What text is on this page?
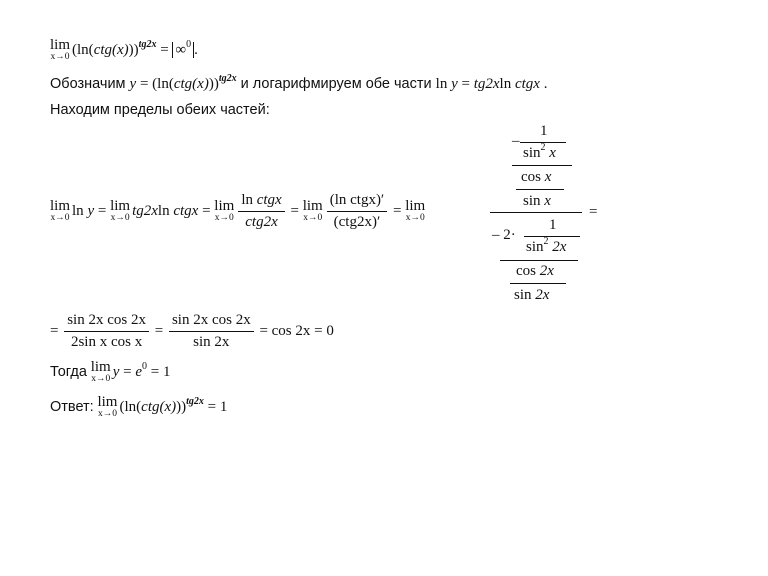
lim
x→0 $(\ln(ctg(x)))^{tg2x} = \infty^0$ .
Обозначим $y = (\ln(ctg(x)))^{tg2x}$ и логарифмируем обе части ln y = tg2xln ctgx .
Находим пределы обеих частей:
lim
x→0 ln y = lim
x→0 tg2xln ctgx = lim
$x\to 0 \frac{\text{ln ctgx}}{\text{ctg2x}} = \lim$
$x\to 0 \frac{\text{(ln ctgx)′}}{\text{(ctg2x)′}} = \lim$
x→0
–
1
$\sin^2 x$
cos x
sin x
– 2·
1
$\sin^2 2x$
cos 2x
sin 2x
=
= $\frac{\text{sin 2x cos 2x}}{\text{2sin x cos x}} = \frac{\text{sin 2x cos 2x}}{\sin 2x} = \cos 2x = 0$
Тогда lim
x→0 $y = e^0 = 1$
Ответ: lim
x→0 $(\ln(ctg(x)))^{tg2x} = 1$
